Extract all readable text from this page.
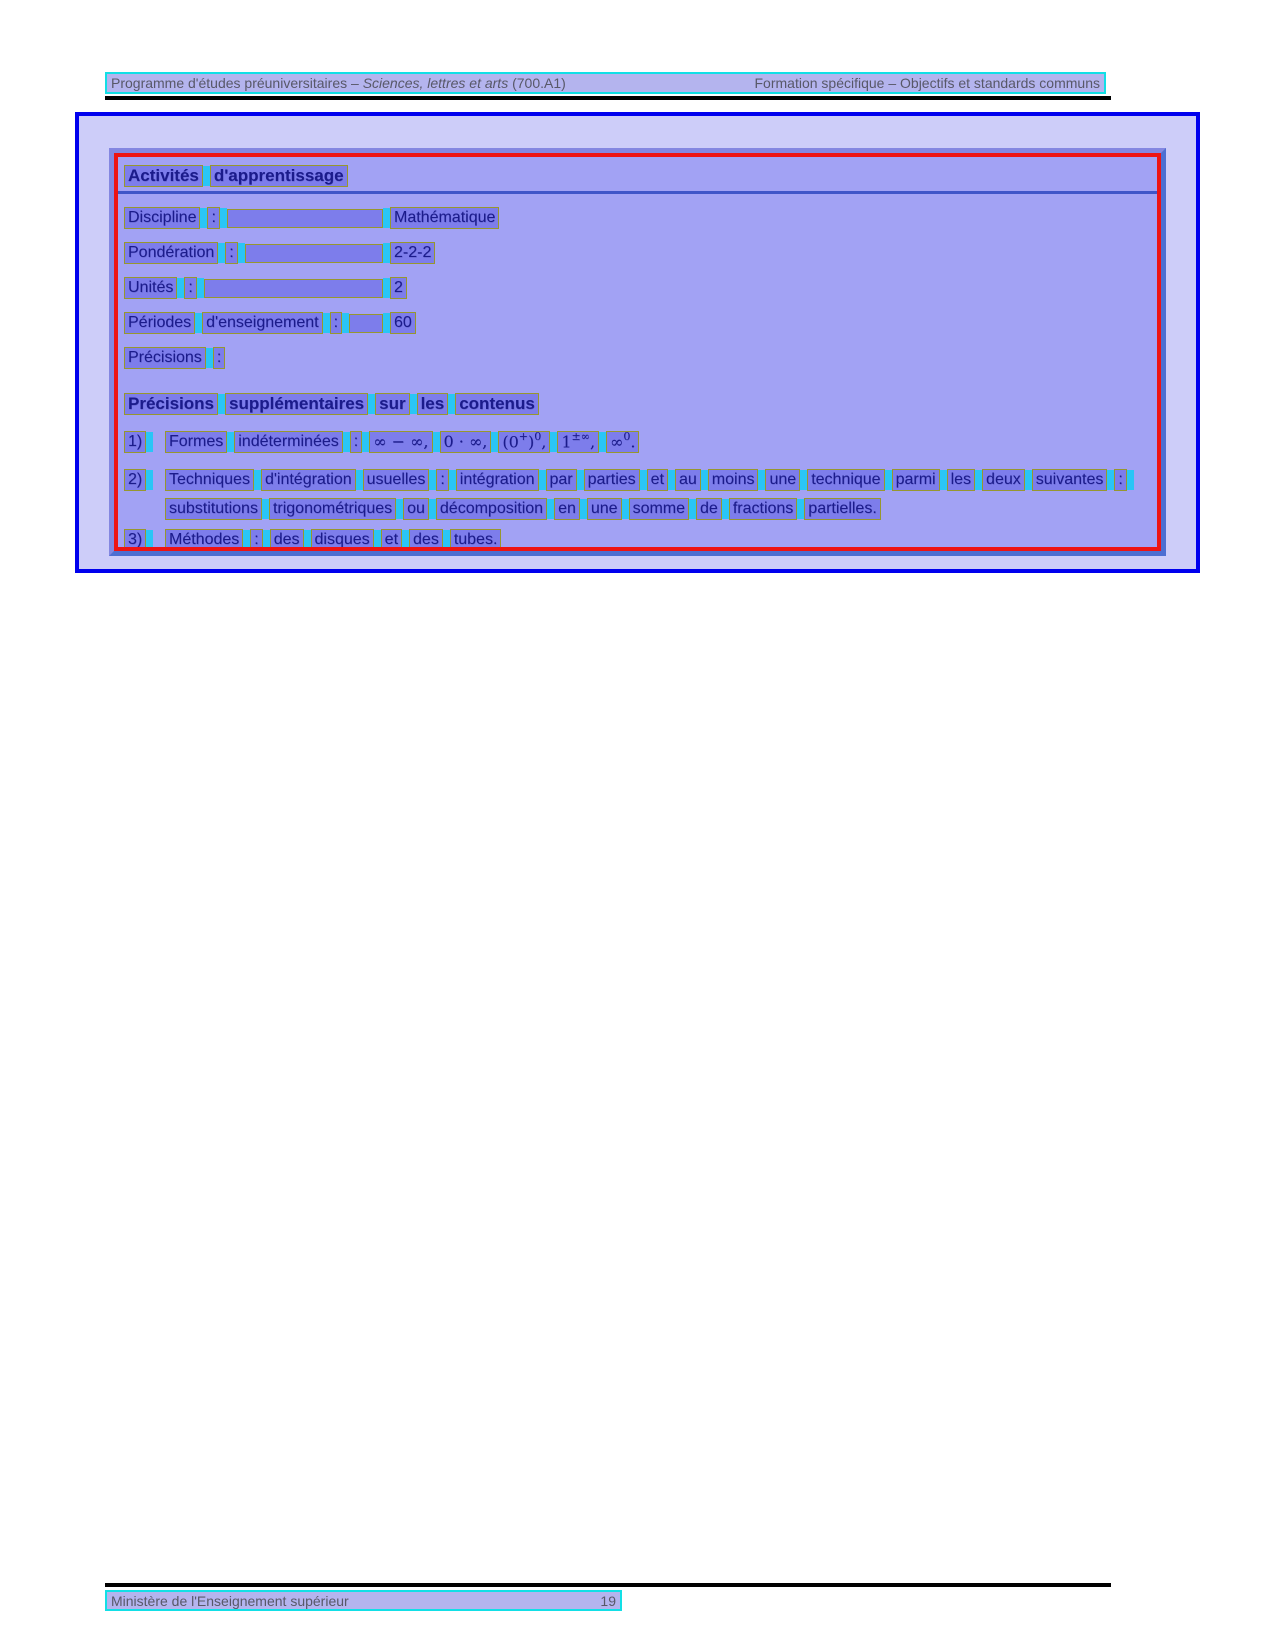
Programme d'études préuniversitaires – Sciences, lettres et arts (700.A1)	Formation spécifique – Objectifs et standards communs
Activités d'apprentissage
Discipline :	Mathématique
Pondération :	2-2-2
Unités :	2
Périodes d'enseignement :	60
Précisions :
Précisions supplémentaires sur les contenus
1) Formes indéterminées : ∞ − ∞, 0 · ∞, $(0^+)^0$, 1±∞, ∞$^0$.
2) Techniques d'intégration usuelles : intégration par parties et au moins une technique parmi les deux suivantes :
substitutions trigonométriques ou décomposition en une somme de fractions partielles.
3) Méthodes : des disques et des tubes.
Ministère de l'Enseignement supérieur	19
